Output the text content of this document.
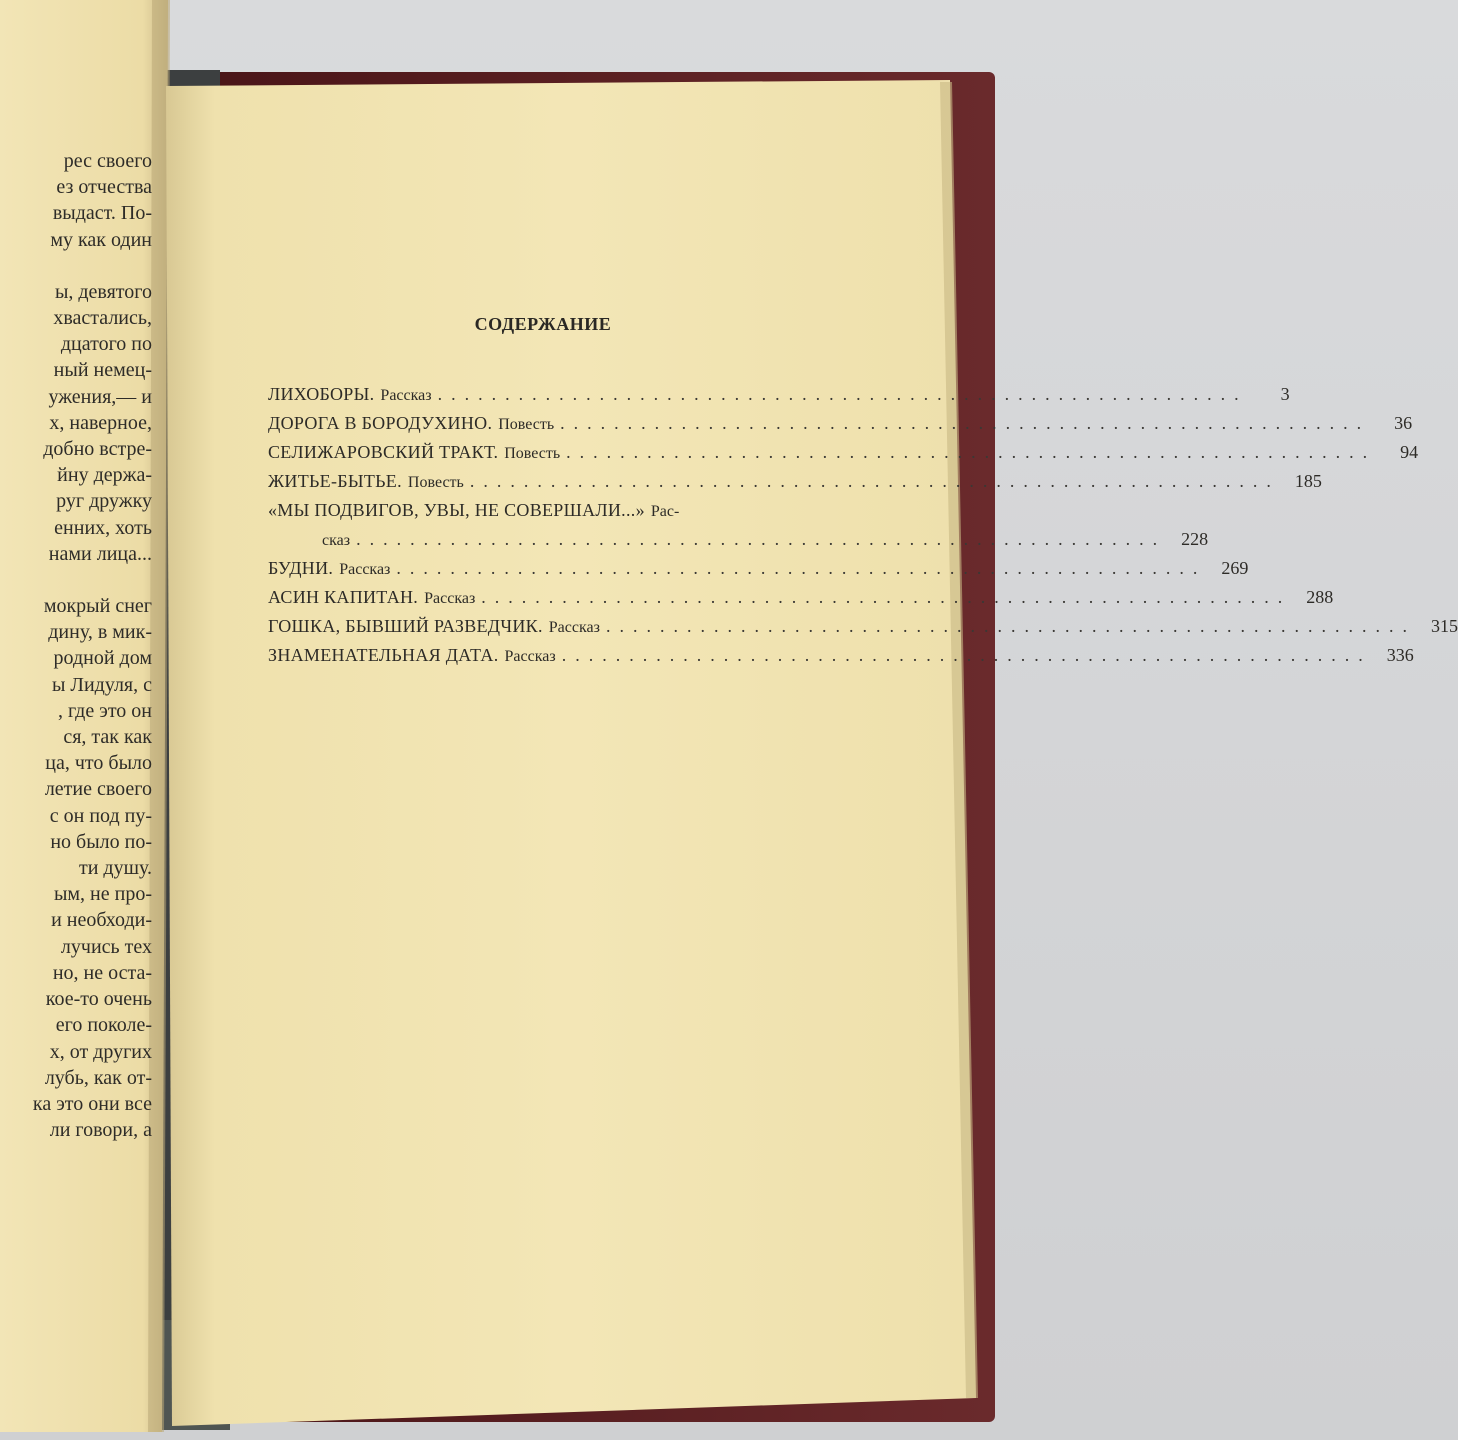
рес своего
ез отчества
выдаст. По-
му как один
ы, девятого
хвастались,
дцатого по
ный немец-
ужения,— и
х, наверное,
добно встре-
йну держа-
руг дружку
енних, хоть
нами лица...
мокрый снег
дину, в мик-
родной дом
ы Лидуля, с
, где это он
ся, так как
ца, что было
летие своего
с он под пу-
но было по-
ти душу.
ым, не про-
и необходи-
лучись тех
но, не оста-
кое-то очень
его поколе-
х, от других
лубь, как от-
ка это они все
ли говори, а
СОДЕРЖАНИЕ
ЛИХОБОРЫ. Рассказ ............................................................	3
ДОРОГА В БОРОДУХИНО. Повесть ............................................................	36
СЕЛИЖАРОВСКИЙ ТРАКТ. Повесть ............................................................	94
ЖИТЬЕ-БЫТЬЕ. Повесть ............................................................ 185
«МЫ ПОДВИГОВ, УВЫ, НЕ СОВЕРШАЛИ...» Рас-
сказ ............................................................ 228
БУДНИ. Рассказ ............................................................ 269
АСИН КАПИТАН. Рассказ ............................................................ 288
ГОШКА, БЫВШИЙ РАЗВЕДЧИК. Рассказ ............................................................ 315
ЗНАМЕНАТЕЛЬНАЯ ДАТА. Рассказ ............................................................ 336
